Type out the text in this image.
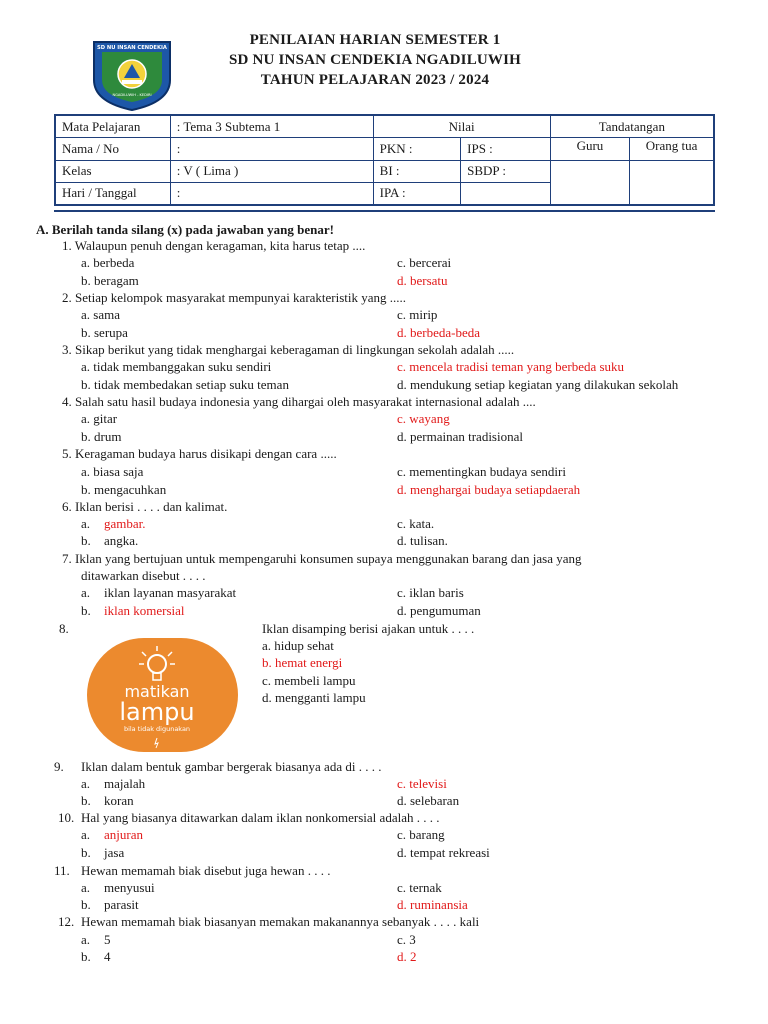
SD NU INSAN CENDEKIA
NGADILUWIH - KEDIRI
PENILAIAN HARIAN SEMESTER 1
SD NU INSAN CENDEKIA NGADILUWIH
TAHUN PELAJARAN 2023 / 2024
Mata Pelajaran	: Tema 3 Subtema 1	Nilai		Tandatangan	
Nama / No	:	PKN :	IPS :	Guru	Orang tua
Kelas	: V ( Lima )	BI :	SBDP :		
Hari / Tanggal	:	IPA :			
A. Berilah tanda silang (x) pada jawaban yang benar!
1. Walaupun penuh dengan keragaman, kita harus tetap ....
a. berbeda	c. bercerai
b. beragam	d. bersatu
2. Setiap kelompok masyarakat mempunyai karakteristik yang .....
a. sama	c. mirip
b. serupa	d. berbeda-beda
3. Sikap berikut yang tidak menghargai keberagaman di lingkungan sekolah adalah .....
a. tidak membanggakan suku sendiri	c. mencela tradisi teman yang berbeda suku
b. tidak membedakan setiap suku teman	d. mendukung setiap kegiatan yang dilakukan sekolah
4. Salah satu hasil budaya indonesia yang dihargai oleh masyarakat internasional adalah ....
a. gitar	c. wayang
b. drum	d. permainan tradisional
5. Keragaman budaya harus disikapi dengan cara .....
a. biasa saja	c. mementingkan budaya sendiri
b. mengacuhkan	d. menghargai budaya setiapdaerah
6. Iklan berisi . . . . dan kalimat.
a. gambar.	c. kata.
b. angka.	d. tulisan.
7. Iklan yang bertujuan untuk mempengaruhi konsumen supaya menggunakan barang dan jasa yang
ditawarkan disebut . . . .
a. iklan layanan masyarakat	c. iklan baris
b. iklan komersial	d. pengumuman
8.	Iklan disamping berisi ajakan untuk . . . .
a. hidup sehat
b. hemat energi
c. membeli lampu
d. mengganti lampu
matikan
lampu
bila tidak digunakan
9. Iklan dalam bentuk gambar bergerak biasanya ada di . . . .
a. majalah	c. televisi
b. koran	d. selebaran
10. Hal yang biasanya ditawarkan dalam iklan nonkomersial adalah . . . .
a. anjuran	c. barang
b. jasa	d. tempat rekreasi
11. Hewan memamah biak disebut juga hewan . . . .
a. menyusui	c. ternak
b. parasit	d. ruminansia
12. Hewan memamah biak biasanyan memakan makanannya sebanyak . . . . kali
a. 5	c. 3
b. 4	d. 2
